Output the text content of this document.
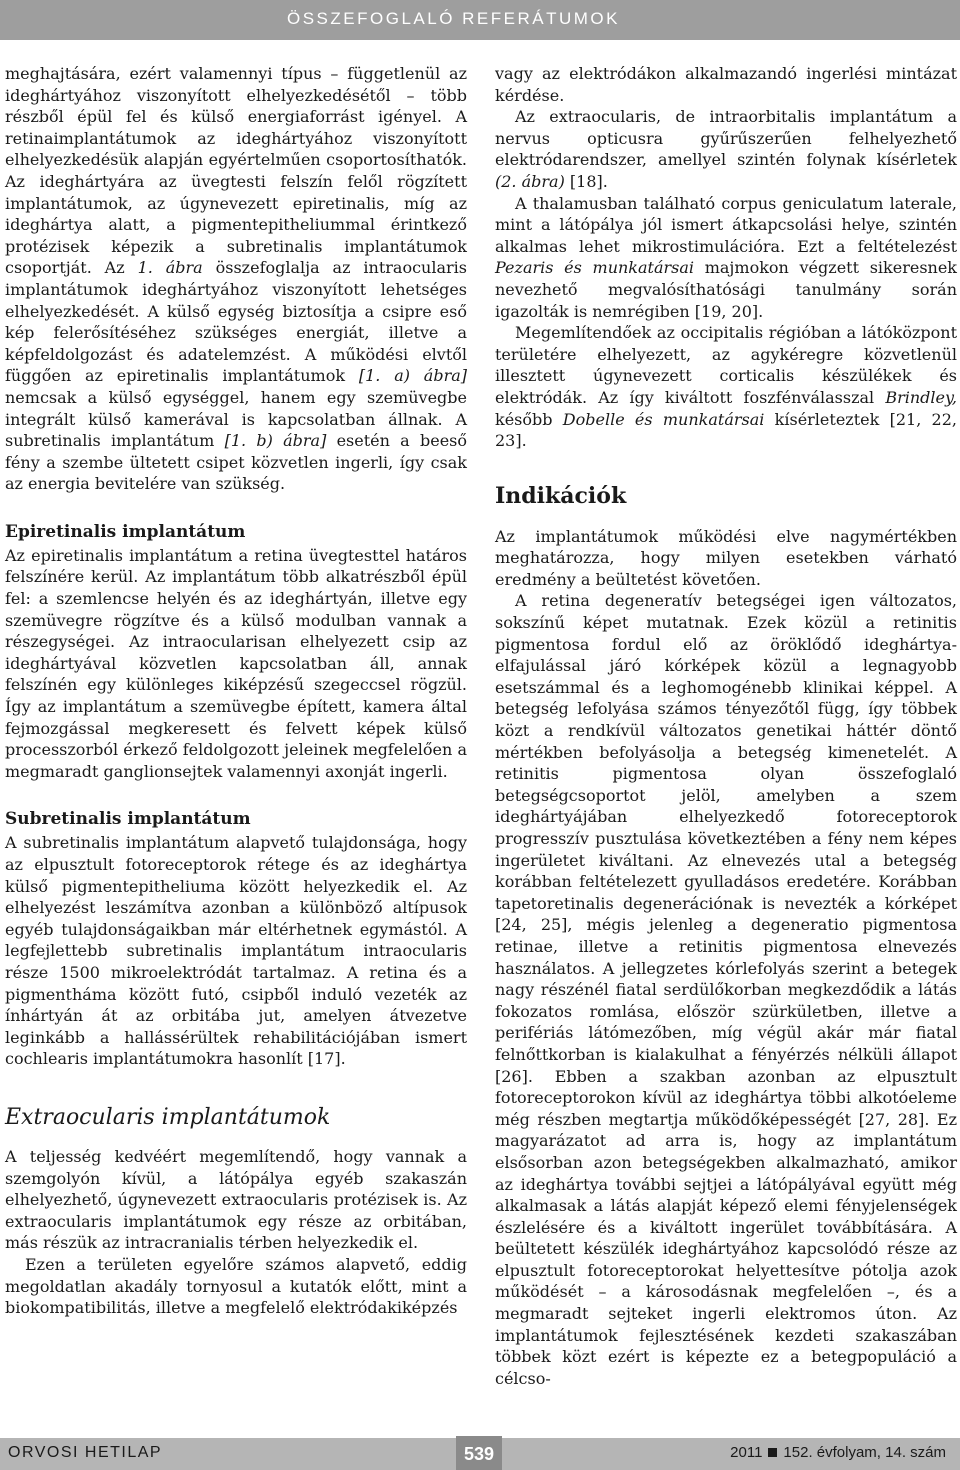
ÖSSZEFOGLALÓ REFERÁTUMOK

meghajtására, ezért valamennyi típus – függetlenül az ideghártyához viszonyított elhelyezkedésétől – több részből épül fel és külső energiaforrást igényel. A retinaimplantátumok az ideghártyához viszonyított elhelyezkedésük alapján egyértelműen csoportosíthatók. Az ideghártyára az üvegtesti felszín felől rögzített implantátumok, az úgynevezett epiretinalis, míg az ideghártya alatt, a pigmentepitheliummal érintkező protézisek képezik a subretinalis implantátumok csoportját. Az 1. ábra összefoglalja az intraocularis implantátumok ideghártyához viszonyított lehetséges elhelyezkedését. A külső egység biztosítja a csipre eső kép felerősítéséhez szükséges energiát, illetve a képfeldolgozást és adatelemzést. A működési elvtől függően az epiretinalis implantátumok [1. a) ábra] nemcsak a külső egységgel, hanem egy szemüvegbe integrált külső kamerával is kapcsolatban állnak. A subretinalis implantátum [1. b) ábra] esetén a beeső fény a szembe ültetett csipet közvetlen ingerli, így csak az energia bevitelére van szükség.

Epiretinalis implantátum

Az epiretinalis implantátum a retina üvegtesttel határos felszínére kerül. Az implantátum több alkatrészből épül fel: a szemlencse helyén és az ideghártyán, illetve egy szemüvegre rögzítve és a külső modulban vannak a részegységei. Az intraocularisan elhelyezett csip az ideghártyával közvetlen kapcsolatban áll, annak felszínén egy különleges kiképzésű szegeccsel rögzül. Így az implantátum a szemüvegbe épített, kamera által fejmozgással megkeresett és felvett képek külső processzorból érkező feldolgozott jeleinek megfelelően a megmaradt ganglionsejtek valamennyi axonját ingerli.

Subretinalis implantátum

A subretinalis implantátum alapvető tulajdonsága, hogy az elpusztult fotoreceptorok rétege és az ideghártya külső pigmentepitheliuma között helyezkedik el. Az elhelyezést leszámítva azonban a különböző altípusok egyéb tulajdonságaikban már eltérhetnek egymástól. A legfejlettebb subretinalis implantátum intraocularis része 1500 mikroelektródát tartalmaz. A retina és a pigmentháma között futó, csipből induló vezeték az ínhártyán át az orbitába jut, amelyen átvezetve leginkább a hallássérültek rehabilitációjában ismert cochlearis implantátumokra hasonlít [17].

Extraocularis implantátumok

A teljesség kedvéért megemlítendő, hogy vannak a szemgolyón kívül, a látópálya egyéb szakaszán elhelyezhető, úgynevezett extraocularis protézisek is. Az extraocularis implantátumok egy része az orbitában, más részük az intracranialis térben helyezkedik el.

Ezen a területen egyelőre számos alapvető, eddig megoldatlan akadály tornyosul a kutatók előtt, mint a biokompatibilitás, illetve a megfelelő elektródakiképzés

vagy az elektródákon alkalmazandó ingerlési mintázat kérdése.

Az extraocularis, de intraorbitalis implantátum a nervus opticusra gyűrűszerűen felhelyezhető elektródarendszer, amellyel szintén folynak kísérletek (2. ábra) [18].

A thalamusban található corpus geniculatum laterale, mint a látópálya jól ismert átkapcsolási helye, szintén alkalmas lehet mikrostimulációra. Ezt a feltételezést Pezaris és munkatársai majmokon végzett sikeresnek nevezhető megvalósíthatósági tanulmány során igazolták is nemrégiben [19, 20].

Megemlítendőek az occipitalis régióban a látóközpont területére elhelyezett, az agykéregre közvetlenül illesztett úgynevezett corticalis készülékek és elektródák. Az így kiváltott foszfénválasszal Brindley, később Dobelle és munkatársai kísérleteztek [21, 22, 23].

Indikációk

Az implantátumok működési elve nagymértékben meghatározza, hogy milyen esetekben várható eredmény a beültetést követően.

A retina degeneratív betegségei igen változatos, sokszínű képet mutatnak. Ezek közül a retinitis pigmentosa fordul elő az öröklődő ideghártya-elfajulással járó kórképek közül a legnagyobb esetszámmal és a leghomogénebb klinikai képpel. A betegség lefolyása számos tényezőtől függ, így többek közt a rendkívül változatos genetikai háttér döntő mértékben befolyásolja a betegség kimenetelét. A retinitis pigmentosa olyan összefoglaló betegségcsoportot jelöl, amelyben a szem ideghártyájában elhelyezkedő fotoreceptorok progresszív pusztulása következtében a fény nem képes ingerületet kiváltani. Az elnevezés utal a betegség korábban feltételezett gyulladásos eredetére. Korábban tapetoretinalis degenerációnak is nevezték a kórképet [24, 25], mégis jelenleg a degeneratio pigmentosa retinae, illetve a retinitis pigmentosa elnevezés használatos. A jellegzetes kórlefolyás szerint a betegek nagy részénél fiatal serdülőkorban megkezdődik a látás fokozatos romlása, először szürkületben, illetve a perifériás látómezőben, míg végül akár már fiatal felnőttkorban is kialakulhat a fényérzés nélküli állapot [26]. Ebben a szakban azonban az elpusztult fotoreceptorokon kívül az ideghártya többi alkotóeleme még részben megtartja működőképességét [27, 28]. Ez magyarázatot ad arra is, hogy az implantátum elsősorban azon betegségekben alkalmazható, amikor az ideghártya további sejtjei a látópályával együtt még alkalmasak a látás alapját képező elemi fényjelenségek észlelésére és a kiváltott ingerület továbbítására. A beültetett készülék ideghártyához kapcsolódó része az elpusztult fotoreceptorokat helyettesítve pótolja azok működését – a károsodásnak megfelelően –, és a megmaradt sejteket ingerli elektromos úton. Az implantátumok fejlesztésének kezdeti szakaszában többek közt ezért is képezte ez a betegpopuláció a célcso-

ORVOSI HETILAP	539	2011 152. évfolyam, 14. szám
